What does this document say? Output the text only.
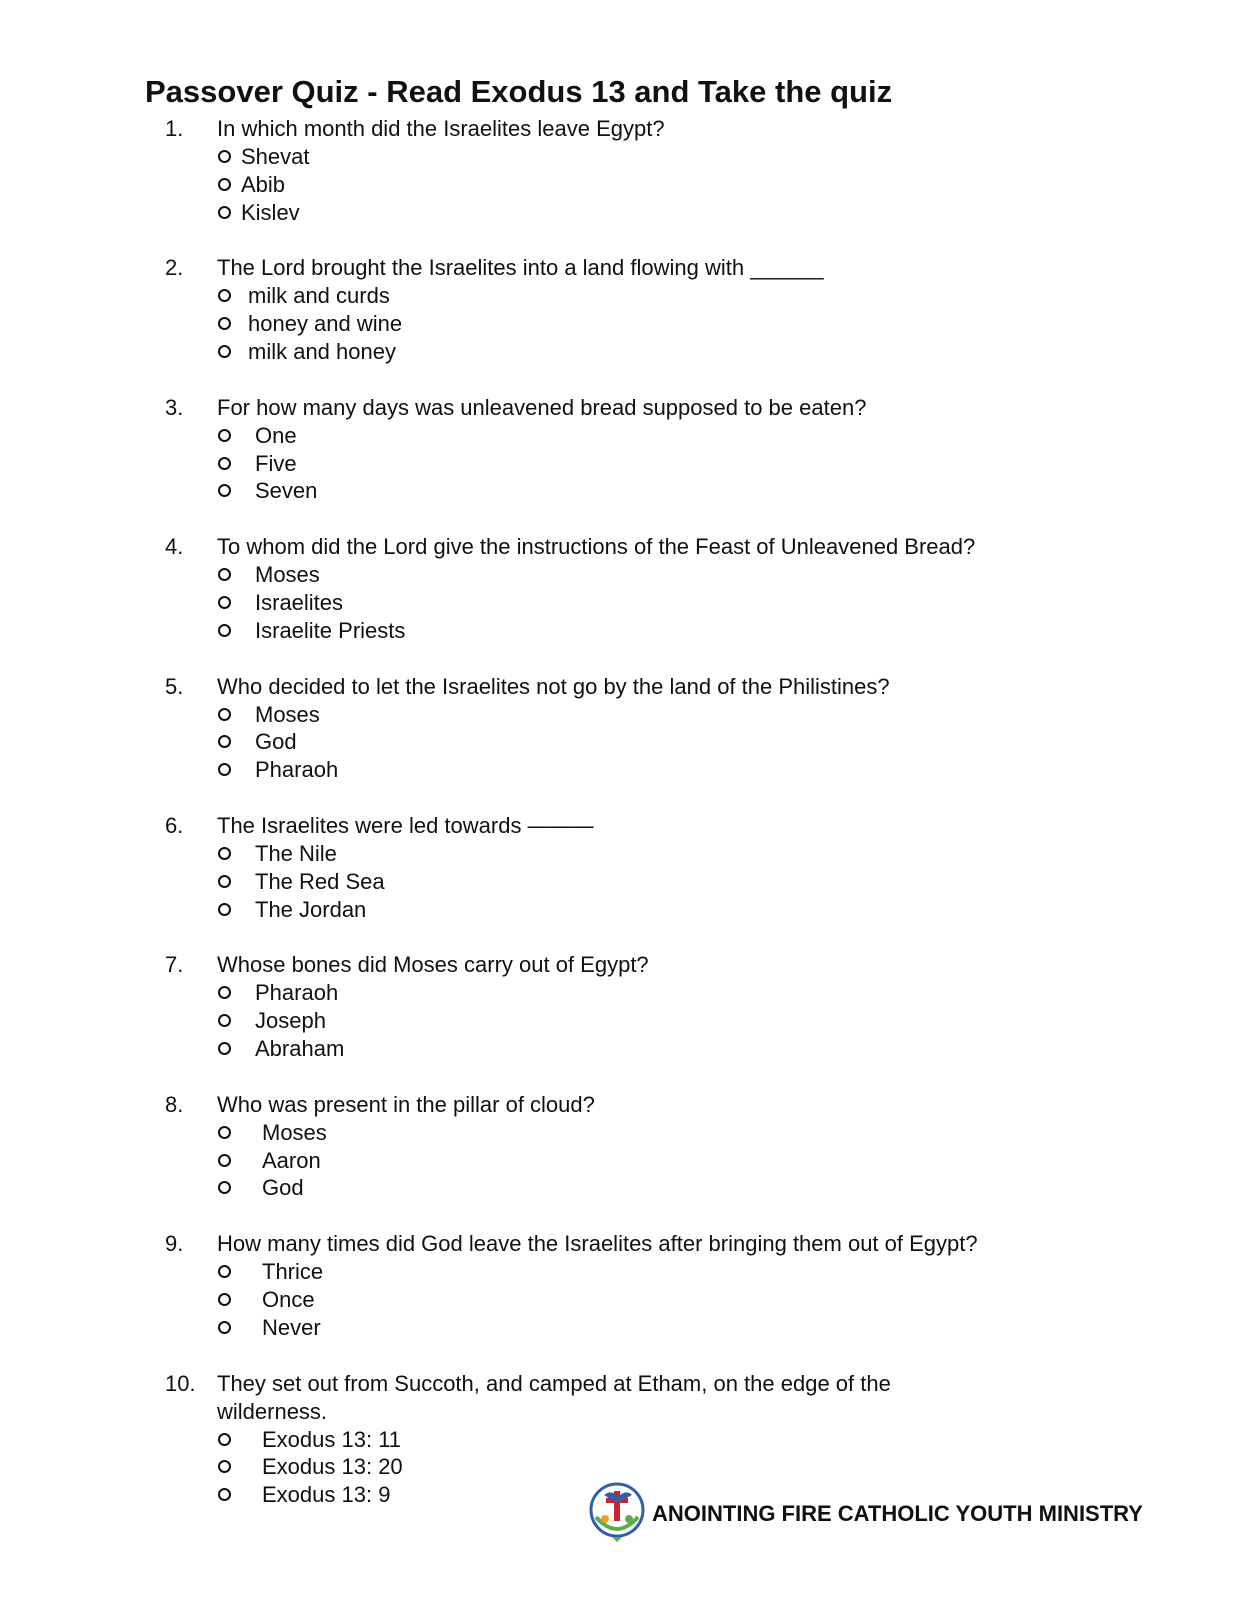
Passover Quiz - Read Exodus 13 and Take the quiz
1. In which month did the Israelites leave Egypt?
Shevat
Abib
Kislev
2. The Lord brought the Israelites into a land flowing with ______
milk and curds
honey and wine
milk and honey
3. For how many days was unleavened bread supposed to be eaten?
One
Five
Seven
4. To whom did the Lord give the instructions of the Feast of Unleavened Bread?
Moses
Israelites
Israelite Priests
5. Who decided to let the Israelites not go by the land of the Philistines?
Moses
God
Pharaoh
6. The Israelites were led towards ———
The Nile
The Red Sea
The Jordan
7. Whose bones did Moses carry out of Egypt?
Pharaoh
Joseph
Abraham
8. Who was present in the pillar of cloud?
Moses
Aaron
God
9. How many times did God leave the Israelites after bringing them out of Egypt?
Thrice
Once
Never
10. They set out from Succoth, and camped at Etham, on the edge of the wilderness.
Exodus 13: 11
Exodus 13: 20
Exodus 13: 9
ANOINTING FIRE CATHOLIC YOUTH MINISTRY
